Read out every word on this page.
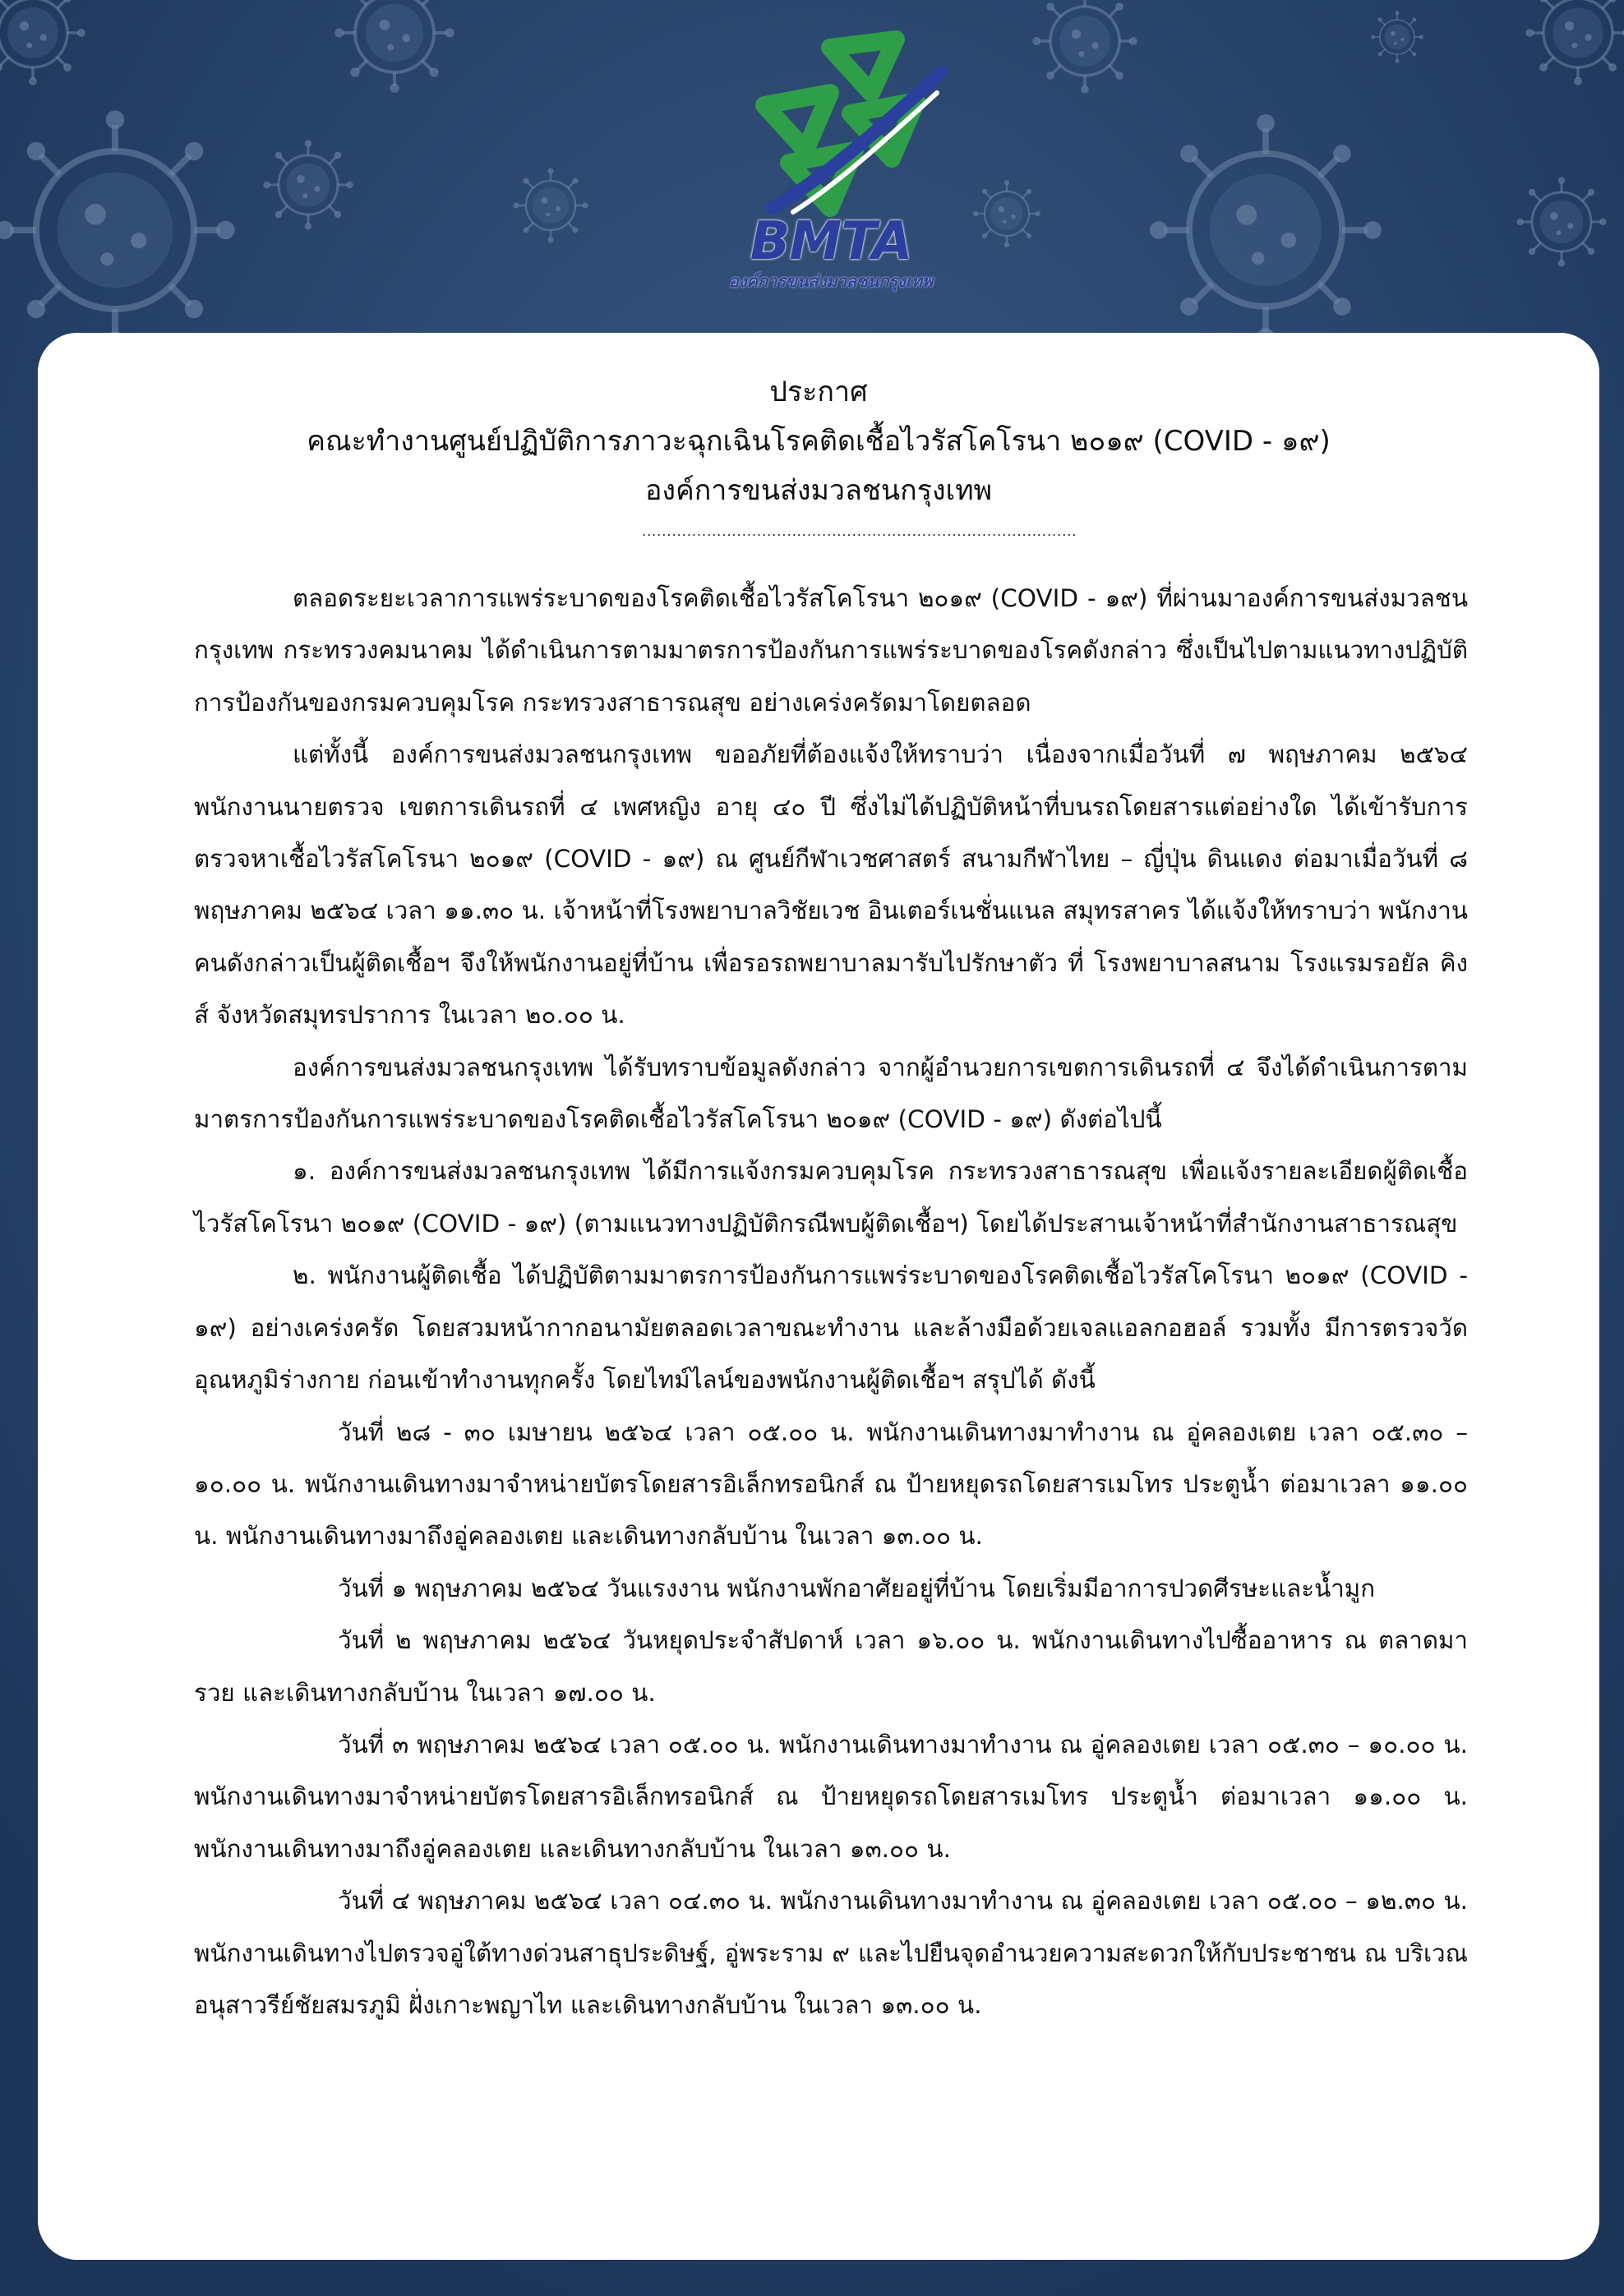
BMTA
องค์การขนส่งมวลชนกรุงเทพ

ประกาศ

คณะทำงานศูนย์ปฏิบัติการภาวะฉุกเฉินโรคติดเชื้อไวรัสโคโรนา ๒๐๑๙ (COVID - ๑๙)

องค์การขนส่งมวลชนกรุงเทพ

.......................................................................................

ตลอดระยะเวลาการแพร่ระบาดของโรคติดเชื้อไวรัสโคโรนา ๒๐๑๙ (COVID - ๑๙) ที่ผ่านมาองค์การขนส่งมวลชนกรุงเทพ กระทรวงคมนาคม ได้ดำเนินการตามมาตรการป้องกันการแพร่ระบาดของโรคดังกล่าว ซึ่งเป็นไปตามแนวทางปฏิบัติการป้องกันของกรมควบคุมโรค กระทรวงสาธารณสุข อย่างเคร่งครัดมาโดยตลอด

แต่ทั้งนี้ องค์การขนส่งมวลชนกรุงเทพ ขออภัยที่ต้องแจ้งให้ทราบว่า เนื่องจากเมื่อวันที่ ๗ พฤษภาคม ๒๕๖๔ พนักงานนายตรวจ เขตการเดินรถที่ ๔ เพศหญิง อายุ ๔๐ ปี ซึ่งไม่ได้ปฏิบัติหน้าที่บนรถโดยสารแต่อย่างใด ได้เข้ารับการตรวจหาเชื้อไวรัสโคโรนา ๒๐๑๙ (COVID - ๑๙) ณ ศูนย์กีฬาเวชศาสตร์ สนามกีฬาไทย – ญี่ปุ่น ดินแดง ต่อมาเมื่อวันที่ ๘ พฤษภาคม ๒๕๖๔ เวลา ๑๑.๓๐ น. เจ้าหน้าที่โรงพยาบาลวิชัยเวช อินเตอร์เนชั่นแนล สมุทรสาคร ได้แจ้งให้ทราบว่า พนักงานคนดังกล่าวเป็นผู้ติดเชื้อฯ จึงให้พนักงานอยู่ที่บ้าน เพื่อรอรถพยาบาลมารับไปรักษาตัว ที่ โรงพยาบาลสนาม โรงแรมรอยัล คิงส์ จังหวัดสมุทรปราการ ในเวลา ๒๐.๐๐ น.

องค์การขนส่งมวลชนกรุงเทพ ได้รับทราบข้อมูลดังกล่าว จากผู้อำนวยการเขตการเดินรถที่ ๔ จึงได้ดำเนินการตามมาตรการป้องกันการแพร่ระบาดของโรคติดเชื้อไวรัสโคโรนา ๒๐๑๙ (COVID - ๑๙) ดังต่อไปนี้

๑. องค์การขนส่งมวลชนกรุงเทพ ได้มีการแจ้งกรมควบคุมโรค กระทรวงสาธารณสุข เพื่อแจ้งรายละเอียดผู้ติดเชื้อไวรัสโคโรนา ๒๐๑๙ (COVID - ๑๙) (ตามแนวทางปฏิบัติกรณีพบผู้ติดเชื้อฯ) โดยได้ประสานเจ้าหน้าที่สำนักงานสาธารณสุข

๒. พนักงานผู้ติดเชื้อ ได้ปฏิบัติตามมาตรการป้องกันการแพร่ระบาดของโรคติดเชื้อไวรัสโคโรนา ๒๐๑๙ (COVID - ๑๙) อย่างเคร่งครัด โดยสวมหน้ากากอนามัยตลอดเวลาขณะทำงาน และล้างมือด้วยเจลแอลกอฮอล์ รวมทั้ง มีการตรวจวัดอุณหภูมิร่างกาย ก่อนเข้าทำงานทุกครั้ง โดยไทม์ไลน์ของพนักงานผู้ติดเชื้อฯ สรุปได้ ดังนี้

วันที่ ๒๘ - ๓๐ เมษายน ๒๕๖๔ เวลา ๐๕.๐๐ น. พนักงานเดินทางมาทำงาน ณ อู่คลองเตย เวลา ๐๕.๓๐ – ๑๐.๐๐ น. พนักงานเดินทางมาจำหน่ายบัตรโดยสารอิเล็กทรอนิกส์ ณ ป้ายหยุดรถโดยสารเมโทร ประตูน้ำ ต่อมาเวลา ๑๑.๐๐ น. พนักงานเดินทางมาถึงอู่คลองเตย และเดินทางกลับบ้าน ในเวลา ๑๓.๐๐ น.

วันที่ ๑ พฤษภาคม ๒๕๖๔ วันแรงงาน พนักงานพักอาศัยอยู่ที่บ้าน โดยเริ่มมีอาการปวดศีรษะและน้ำมูก

วันที่ ๒ พฤษภาคม ๒๕๖๔ วันหยุดประจำสัปดาห์ เวลา ๑๖.๐๐ น. พนักงานเดินทางไปซื้ออาหาร ณ ตลาดมารวย และเดินทางกลับบ้าน ในเวลา ๑๗.๐๐ น.

วันที่ ๓ พฤษภาคม ๒๕๖๔ เวลา ๐๕.๐๐ น. พนักงานเดินทางมาทำงาน ณ อู่คลองเตย เวลา ๐๕.๓๐ – ๑๐.๐๐ น. พนักงานเดินทางมาจำหน่ายบัตรโดยสารอิเล็กทรอนิกส์ ณ ป้ายหยุดรถโดยสารเมโทร ประตูน้ำ ต่อมาเวลา ๑๑.๐๐ น. พนักงานเดินทางมาถึงอู่คลองเตย และเดินทางกลับบ้าน ในเวลา ๑๓.๐๐ น.

วันที่ ๔ พฤษภาคม ๒๕๖๔ เวลา ๐๔.๓๐ น. พนักงานเดินทางมาทำงาน ณ อู่คลองเตย เวลา ๐๕.๐๐ – ๑๒.๓๐ น. พนักงานเดินทางไปตรวจอู่ใต้ทางด่วนสาธุประดิษฐ์, อู่พระราม ๙ และไปยืนจุดอำนวยความสะดวกให้กับประชาชน ณ บริเวณอนุสาวรีย์ชัยสมรภูมิ ฝั่งเกาะพญาไท และเดินทางกลับบ้าน ในเวลา ๑๓.๐๐ น.
